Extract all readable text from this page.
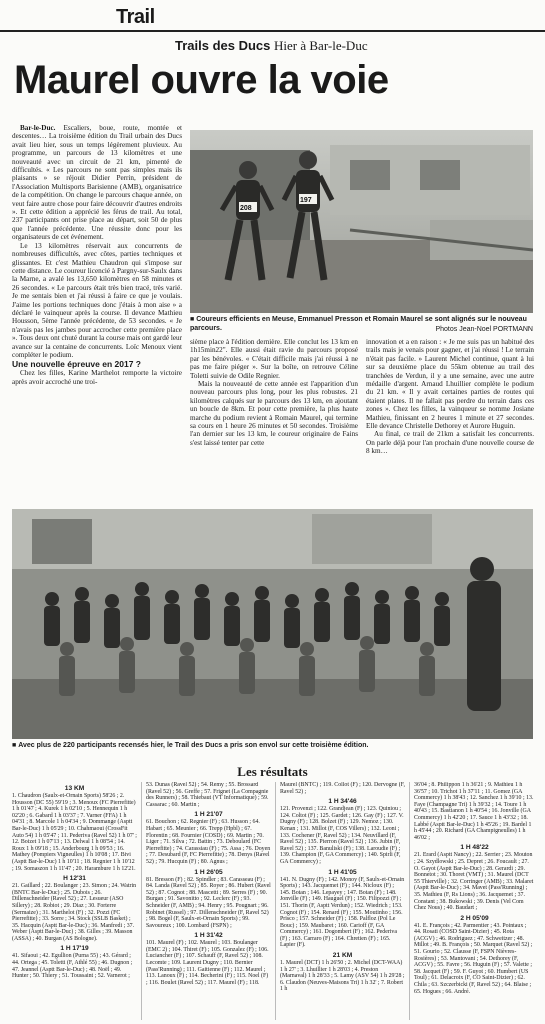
Trail
Trails des Ducs Hier à Bar-le-Duc
Maurel ouvre la voie

Bar-le-Duc. Escaliers, boue, route, montée et descentes… La troisième édition du Trail urbain des Ducs avait lieu hier, sous un temps légèrement pluvieux. Au programme, un parcours de 13 kilomètres et une nouveauté avec un circuit de 21 km, pimenté de difficultés. « Les parcours ne sont pas simples mais ils plaisants » se réjouit Didier Perrin, président de l'Association Multisports Barisienne (AMB), organisatrice de la compétition. On change le parcours chaque année, on veut faire autre chose pour faire découvrir d'autres endroits ». Et cette édition a apprécié les férus de trail. Au total, 237 participants ont prise place au départ, soit 50 de plus que l'année précédente. Une réussite donc pour les organisateurs de cet événement.

Le 13 kilomètres réservait aux concurrents de nombreuses difficultés, avec côtes, parties techniques et glissantes. Et c'est Mathieu Chaudron qui s'impose sur cette distance. Le coureur licencié à Pargny-sur-Saulx dans la Marne, a avalé les 13,650 kilomètres en 58 minutes et 26 secondes. « Le parcours était très bien tracé, très varié. Je me sentais bien et j'ai réussi à faire ce que je voulais. J'aime les portions techniques donc j'étais à mon aise » a déclaré le vainqueur après la course. Il devance Mathieu Housson, 5ème l'année précédente, de 53 secondes. « Je n'avais pas les jambes pour accrocher cette première place ». Tous deux ont chuté durant la course mais ont gardé leur avance sur la centaine de concurrents. Loïc Menoux vient compléter le podium.

Une nouvelle épreuve en 2017 ?

Chez les filles, Karine Marthelot remporte la victoire après avoir accroché une troi-

208
197
■ Coureurs efficients en Meuse, Emmanuel Presson et Romain Maurel se sont alignés sur le nouveau parcours.	Photos Jean-Noel PORTMANN

sième place à l'édition dernière. Elle conclut les 13 km en 1h15min22". Elle aussi était ravie du parcours proposé par les bénévoles. « C'était difficile mais j'ai réussi à ne pas me faire piéger ». Sur la boîte, on retrouve Céline Toletti suivie de Odile Regnier.

Mais la nouveauté de cette année est l'apparition d'un nouveau parcours plus long, pour les plus robustes. 21 kilomètres calqués sur le parcours des 13 km, en ajoutant un boucle de 8km. Et pour cette première, la plus haute marche du podium revient à Romain Maurel, qui termine sa cours en 1 heure 26 minutes et 50 secondes. Troisième l'an dernier sur les 13 km, le coureur originaire de Fains s'est laissé tenter par cette

innovation et a en raison : « Je me suis pas un habitué des trails mais je venais pour gagner, et j'ai réussi ! Le terrain n'était pas facile. » Laurent Michel continue, quant à lui sur sa deuxième place du 55km obtenue au trail des tranchées de Verdun, il y a une semaine, avec une autre médaille d'argent. Arnaud Lhuillier complète le podium du 21 km. « Il y avait certaines parties de routes qui étaient plates. Il ne fallait pas perdre du terrain dans ces zones ». Chez les filles, la vainqueur se nomme Josiane Mathieu, finissant en 2 heures 1 minute et 27 secondes. Elle devance Christelle Dethorey et Aurore Huguin.

Au final, ce trail de 21km a satisfait les concurrents. On parle déjà pour l'an prochain d'une nouvelle course de 8 km…

■ Avec plus de 220 participants recensés hier, le Trail des Ducs a pris son envol sur cette troisième édition.
Les résultats
13 KM
1. Chaudron (Saulx-et-Ornain Sports) 58'26 ; 2. Housson (DC 55) 59'19 ; 3. Menoux (FC Pierrefitte) 1 h 01'47 ; 4. Kurek 1 h 02'10 ; 5. Hennequin 1 h 02'20 ; 6. Gabard 1 h 03'37 ; 7. Varner (FFA) 1 h 04'31 ; 8. Marcole 1 h 04'34 ; 9. Dommange (Asptt Bar-le-Duc) 1 h 05'29 ; 10. Chahmaoui (CrossFit Auto 54) 1 h 05'47 ; 11. Pederiva (Ravel 52) 1 h 07' ; 12. Boizet 1 h 07'13 ; 13. Delwal 1 h 08'54 ; 14. Roux 1 h 09'18 ; 15. Anderbourg 1 h 09'53 ; 16. Mathey (Pompiers Vigneulles) 1 h 10'08 ; 17. Bivi (Asptt Bar-le-Duc) 1 h 10'11 ; 18. Regnier 1 h 10'12 ; 19. Somaszon 1 h 11'47 ; 20. Harambure 1 h 12'21.
H 12'31
21. Gaillard ; 22. Boulanger ; 23. Simon ; 24. Watrin (BNTC Bar-le-Duc) ; 25. Dubois ; 26. Dillenschneider (Ravel 52) ; 27. Lesueur (ASO Sillery) ; 28. Robiot ; 29. Diaz ; 30. Forterre (Sermaize) ; 31. Marthelot (F) ; 32. Pozzi (FC Pierrefitte) ; 33. Sorre ; 34. Stock (SSLB Basket) ; 35. Hacquin (Asptt Bar-le-Duc) ; 36. Manfredi ; 37. Weber (Asptt Bar-le-Duc) ; 38. Gilles ; 39. Masson (ASSA) ; 40. Burgan (AS Bologne).
1 H 17'19
41. Sifaoui ; 42. Egullion (Purna 55) ; 43. Gérard ; 44. Ortega ; 45. Toletti (F, Athlé 55) ; 46. Dugnon ; 47. Jeannel (Asptt Bar-le-Duc) ; 48. Noël ; 49. Hunter ; 50. Thiery ; 51. Toussaint ; 52. Varnerot ;
53. Dunas (Ravel 52) ; 54. Remy ; 55. Brossard (Ravel 52) ; 56. Greffe ; 57. Frignet (La Compagnie des Runners) ; 58. Thiebaut (VT Informatique) ; 59. Cassarac ; 60. Martin ;
1 H 21'07
61. Bouchon ; 62. Regnier (F) ; 63. Husson ; 64. Habart ; 65. Meunier ; 66. Trepp (Hpbl) ; 67. Florentin ; 68. Fournier (COSD) ; 69. Martin ; 70. Liger ; 71. Silva ; 72. Battin ; 73. Deboulard (FC Pierrefitte) ; 74. Carassiau (F) ; 75. Assa ; 76. Doyen ; 77. Desubard (F, FC Pierrefitte) ; 78. Denys (Ravel 52) ; 79. Hucquin (F) ; 80. Agnus ;
1 H 26'05
81. Bresson (F) ; 82. Spindler ; 83. Carasseau (F) ; 84. Landa (Ravel 52) ; 85. Royer ; 86. Hubert (Ravel 52) ; 87. Cognot ; 88. Mascetti ; 89. Serres (F) ; 90. Burgan ; 91. Savonitto ; 92. Leclerc (F) ; 93. Schneider (F, AMB) ; 94. Henry ; 95. Pougnart ; 96. Robinet (Russel) ; 97. Dillenschneider (F, Ravel 52) ; 98. Bogel (F, Saulx-et-Ornain Sports) ; 99. Savoureux ; 100. Lombard (FSPN) ;
1 H 31'42
101. Maurel (F) ; 102. Maurel ; 103. Boulanger (EMC 2) ; 104. Thiret (F) ; 105. Gonzalez (F) ; 106. Luciancher (F) ; 107. Schauff (F, Ravel 52) ; 108. Lecomte ; 109. Laurent Dugny ; 110. Bernier (Pass'Running) ; 111. Gaitienne (F) ; 112. Maurel ; 113. Lanoux (F) ; 114. Becherini (F) ; 115. Noel (F) ; 116. Boulet (Ravel 52) ; 117. Maurel (F) ; 118.
Maurel (BNTC) ; 119. Collot (F) ; 120. Dervogne (F, Ravel 52) ;
1 H 34'46
121. Provenzi ; 122. Grandjean (F) ; 123. Quiniou ; 124. Coltot (F) ; 125. Gardet ; 126. Gay (F) ; 127. V. Dugny (F) ; 128. Bolzet (F) ; 129. Nemoz ; 130. Kenan ; 131. Millot (F, COS Villers) ; 132. Leoni ; 133. Cochener (F, Ravel 52) ; 134. Neuvillard (F, Ravel 52) ; 135. Pierron (Ravel 52) ; 136. Jubin (F, Ravel 52) ; 137. Banuliski (F) ; 138. Laroudie (F) ; 139. Champion (F, GA Commercy) ; 140. Spirli (F, GA Commercy) ;
1 H 41'05
141. N. Dugny (F) ; 142. Monoy (F, Saulx-et-Ornain Sports) ; 143. Jacquemet (F) ; 144. Nicloux (F) ; 145. Botan ; 146. Lepayey ; 147. Botan (F) ; 148. Jonville (F) ; 149. Hauguel (F) ; 150. Filipozzi (F) ; 151. Thorin (F, Asptt Verdun) ; 152. Wiedrich ; 153. Cognot (F) ; 154. Renard (F) ; 155. Moutinho ; 156. Prisco ; 157. Schneider (F) ; 158. Palfloz (Pol Le Bouc) ; 159. Maubaret ; 160. Carioff (F, GA Commercy) ; 161. Dogombert (F) ; 162. Pederiva (F) ; 163. Carraro (F) ; 164. Chretien (F) ; 165. Lapier (F).
21 KM
1. Maurel (DCT) 1 h 26'50 ; 2. Michel (DCT-WAA) 1 h 27' ; 3. Lhuillier 1 h 28'03 ; 4. Preston (Marnaval) 1 h 28'33 ; 5. Lamy (ASV 54) 1 h 29'28 ; 6. Claudon (Neuves-Maisons Tri) 1 h 32' ; 7. Robert 1 h
36'04 ; 8. Philippon 1 h 36'21 ; 9. Mathieu 1 h 36'57 ; 10. Trichot 1 h 37'11 ; 11. Gomez (GA Commercy) 1 h 38'43 ; 12. Sanchez 1 h 39'10 ; 13. Faye (Champagne Tri) 1 h 39'32 ; 14. Toure 1 h 40'43 ; 15. Bastianon 1 h 40'54 ; 16. Jonville (GA Commercy) 1 h 42'20 ; 17. Sauce 1 h 43'32 ; 18. Labbé (Asptt Bar-le-Duc) 1 h 45'26 ; 19. Bardel 1 h 45'44 ; 20. Richard (GA Champigneulles) 1 h 46'02 ;
1 H 48'22
21. Erard (Asptt Nancy) ; 22. Serrier ; 23. Mouton ; 24. Szydlowski ; 25. Depret ; 26. Foucault ; 27. O. Gayot (Asptt Bar-le-Duc) ; 28. Gerardi ; 29. Bonnetot ; 30. Thoret (VMT) ; 31. Maurel (DCT 55 Thierville) ; 32. Corringer (AMB) ; 33. Malaret (Asptt Bar-le-Duc) ; 34. Mavet (Pass'Running) ; 35. Mathieu (F, Rs Lions) ; 36. Jacquemet ; 37. Constant ; 38. Bukowski ; 39. Denis (Vel Com Chez Nous) ; 40. Baudart ;
2 H 05'09
41. E. François ; 42. Parmentier ; 43. Pointaux ; 44. Rosati (COSD Saint-Dizier) ; 45. Rota (ACGV) ; 46. Rodriguez ; 47. Schweitzer ; 48. Millot ; 49. B. François ; 50. Marquet (Ravel 52) ; 51. Gourio ; 52. Clausse (F, FSPN Nièvres-Rosières) ; 53. Mantovani ; 54. Dethorey (F, ACGV) ; 55. Favre ; 56. Huguin (F) ; 57. Valette ; 58. Jacquet (F) ; 59. F. Guyot ; 60. Humbert (US Toul) ; 61. Delacroix (F, CO Saint-Dizier) ; 62. Chila ; 63. Szczerbicki (F, Ravel 52) ; 64. Blaise ; 65. Hogues ; 66. André.
